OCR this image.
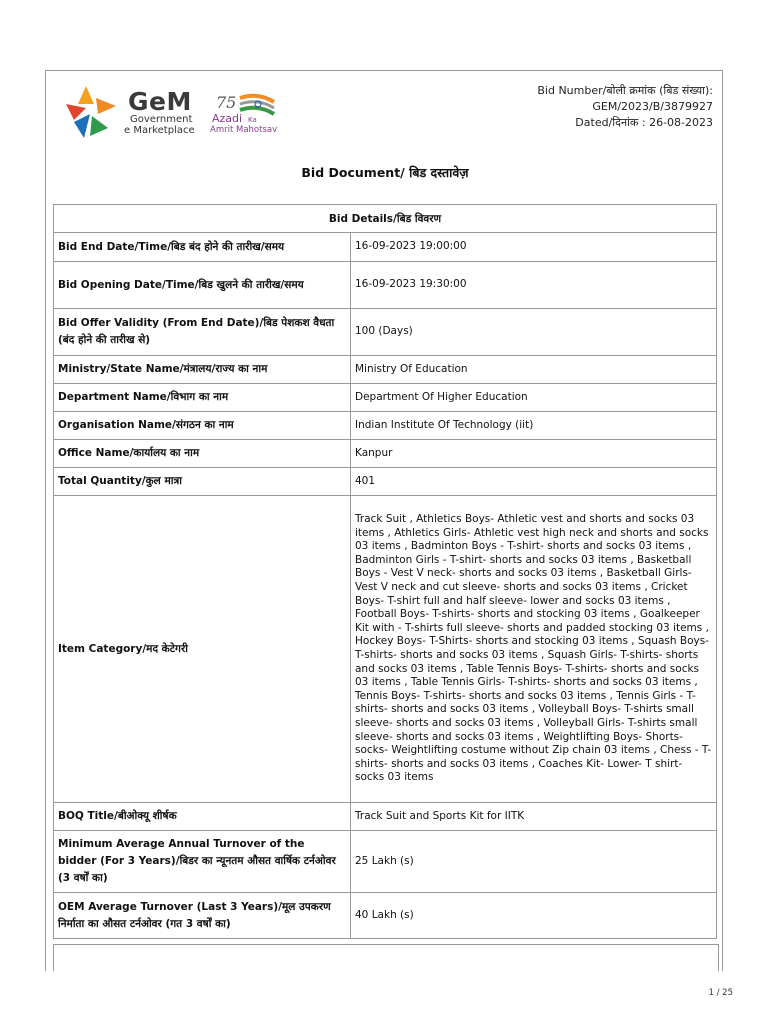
GeM
Government
e Marketplace
75
Azadi Ka
Amrit Mahotsav
Bid Number/बोली क्रमांक (बिड संख्या):
GEM/2023/B/3879927
Dated/दिनांक : 26-08-2023
Bid Document/ बिड दस्तावेज़
Bid Details/बिड विवरण	
Bid End Date/Time/बिड बंद होने की तारीख/समय	16-09-2023 19:00:00
Bid Opening Date/Time/बिड खुलने की तारीख/समय	16-09-2023 19:30:00
Bid Offer Validity (From End Date)/बिड पेशकश वैधता (बंद होने की तारीख से)	100 (Days)
Ministry/State Name/मंत्रालय/राज्य का नाम	Ministry Of Education
Department Name/विभाग का नाम	Department Of Higher Education
Organisation Name/संगठन का नाम	Indian Institute Of Technology (iit)
Office Name/कार्यालय का नाम	Kanpur
Total Quantity/कुल मात्रा	401
Item Category/मद केटेगरी	Track Suit , Athletics Boys- Athletic vest and shorts and socks 03 items , Athletics Girls- Athletic vest high neck and shorts and socks 03 items , Badminton Boys - T-shirt- shorts and socks 03 items , Badminton Girls - T-shirt- shorts and socks 03 items , Basketball Boys - Vest V neck- shorts and socks 03 items , Basketball Girls- Vest V neck and cut sleeve- shorts and socks 03 items , Cricket Boys- T-shirt full and half sleeve- lower and socks 03 items , Football Boys- T-shirts- shorts and stocking 03 items , Goalkeeper Kit with - T-shirts full sleeve- shorts and padded stocking 03 items , Hockey Boys- T-Shirts- shorts and stocking 03 items , Squash Boys- T-shirts- shorts and socks 03 items , Squash Girls- T-shirts- shorts and socks 03 items , Table Tennis Boys- T-shirts- shorts and socks 03 items , Table Tennis Girls- T-shirts- shorts and socks 03 items , Tennis Boys- T-shirts- shorts and socks 03 items , Tennis Girls - T-shirts- shorts and socks 03 items , Volleyball Boys- T-shirts small sleeve- shorts and socks 03 items , Volleyball Girls- T-shirts small sleeve- shorts and socks 03 items , Weightlifting Boys- Shorts- socks- Weightlifting costume without Zip chain 03 items , Chess - T-shirts- shorts and socks 03 items , Coaches Kit- Lower- T shirt- socks 03 items
BOQ Title/बीओक्यू शीर्षक	Track Suit and Sports Kit for IITK
Minimum Average Annual Turnover of the bidder (For 3 Years)/बिडर का न्यूनतम औसत वार्षिक टर्नओवर (3 वर्षों का)	25 Lakh (s)
OEM Average Turnover (Last 3 Years)/मूल उपकरण निर्माता का औसत टर्नओवर (गत 3 वर्षों का)	40 Lakh (s)
1 / 25
